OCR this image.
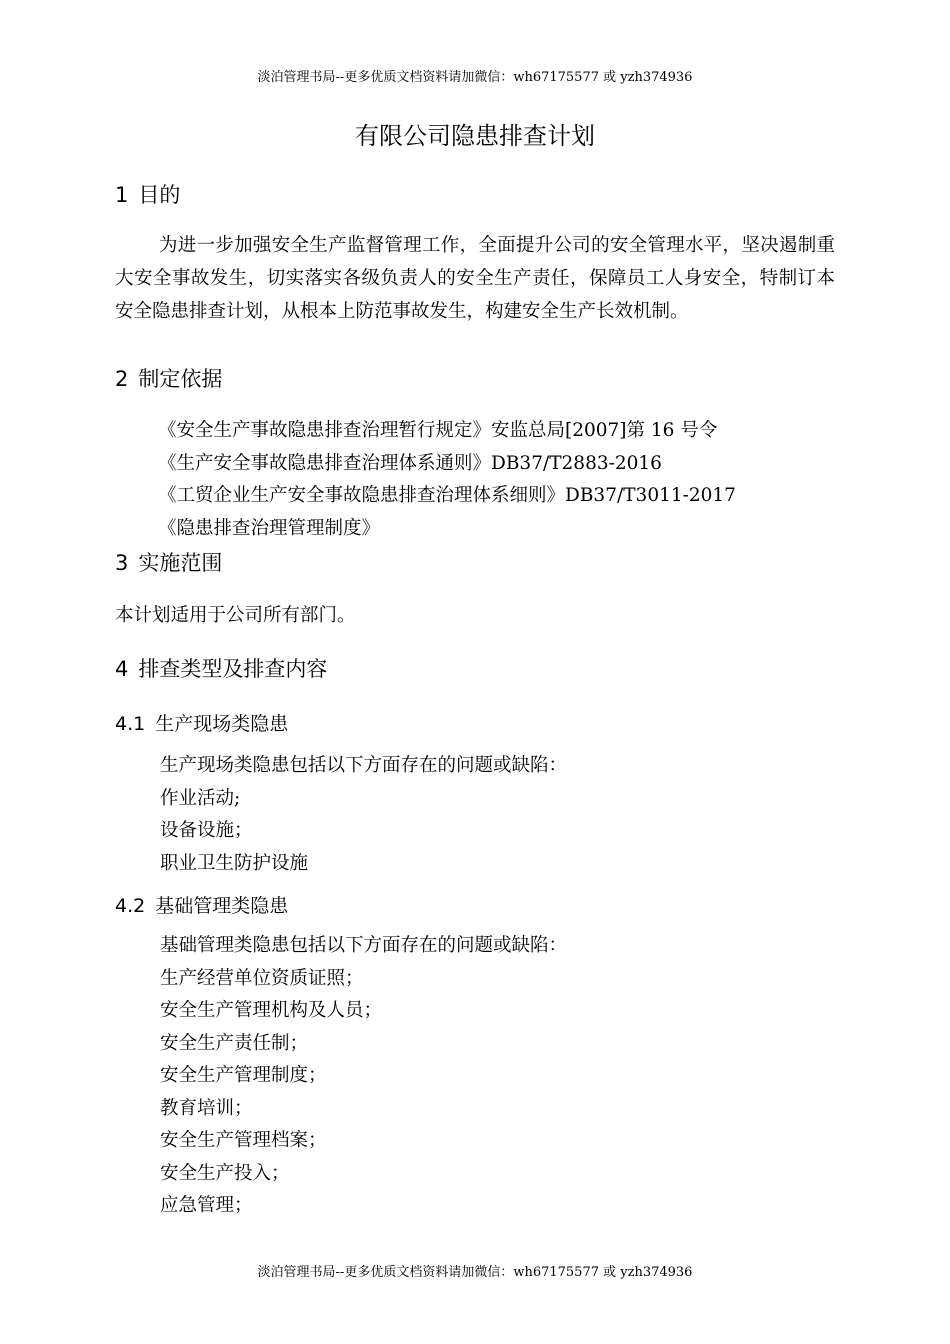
淡泊管理书局--更多优质文档资料请加微信：wh67175577 或 yzh374936
有限公司隐患排查计划
1 目的
为进一步加强安全生产监督管理工作，全面提升公司的安全管理水平，坚决遏制重大安全事故发生，切实落实各级负责人的安全生产责任，保障员工人身安全，特制订本安全隐患排查计划，从根本上防范事故发生，构建安全生产长效机制。
2 制定依据
《安全生产事故隐患排查治理暂行规定》安监总局[2007]第 16 号令
《生产安全事故隐患排查治理体系通则》DB37/T2883-2016
《工贸企业生产安全事故隐患排查治理体系细则》DB37/T3011-2017
《隐患排查治理管理制度》
3 实施范围
本计划适用于公司所有部门。
4 排查类型及排查内容
4.1 生产现场类隐患
生产现场类隐患包括以下方面存在的问题或缺陷：
作业活动;
设备设施；
职业卫生防护设施
4.2 基础管理类隐患
基础管理类隐患包括以下方面存在的问题或缺陷：
生产经营单位资质证照；
安全生产管理机构及人员；
安全生产责任制；
安全生产管理制度；
教育培训；
安全生产管理档案；
安全生产投入；
应急管理；
淡泊管理书局--更多优质文档资料请加微信：wh67175577 或 yzh374936
